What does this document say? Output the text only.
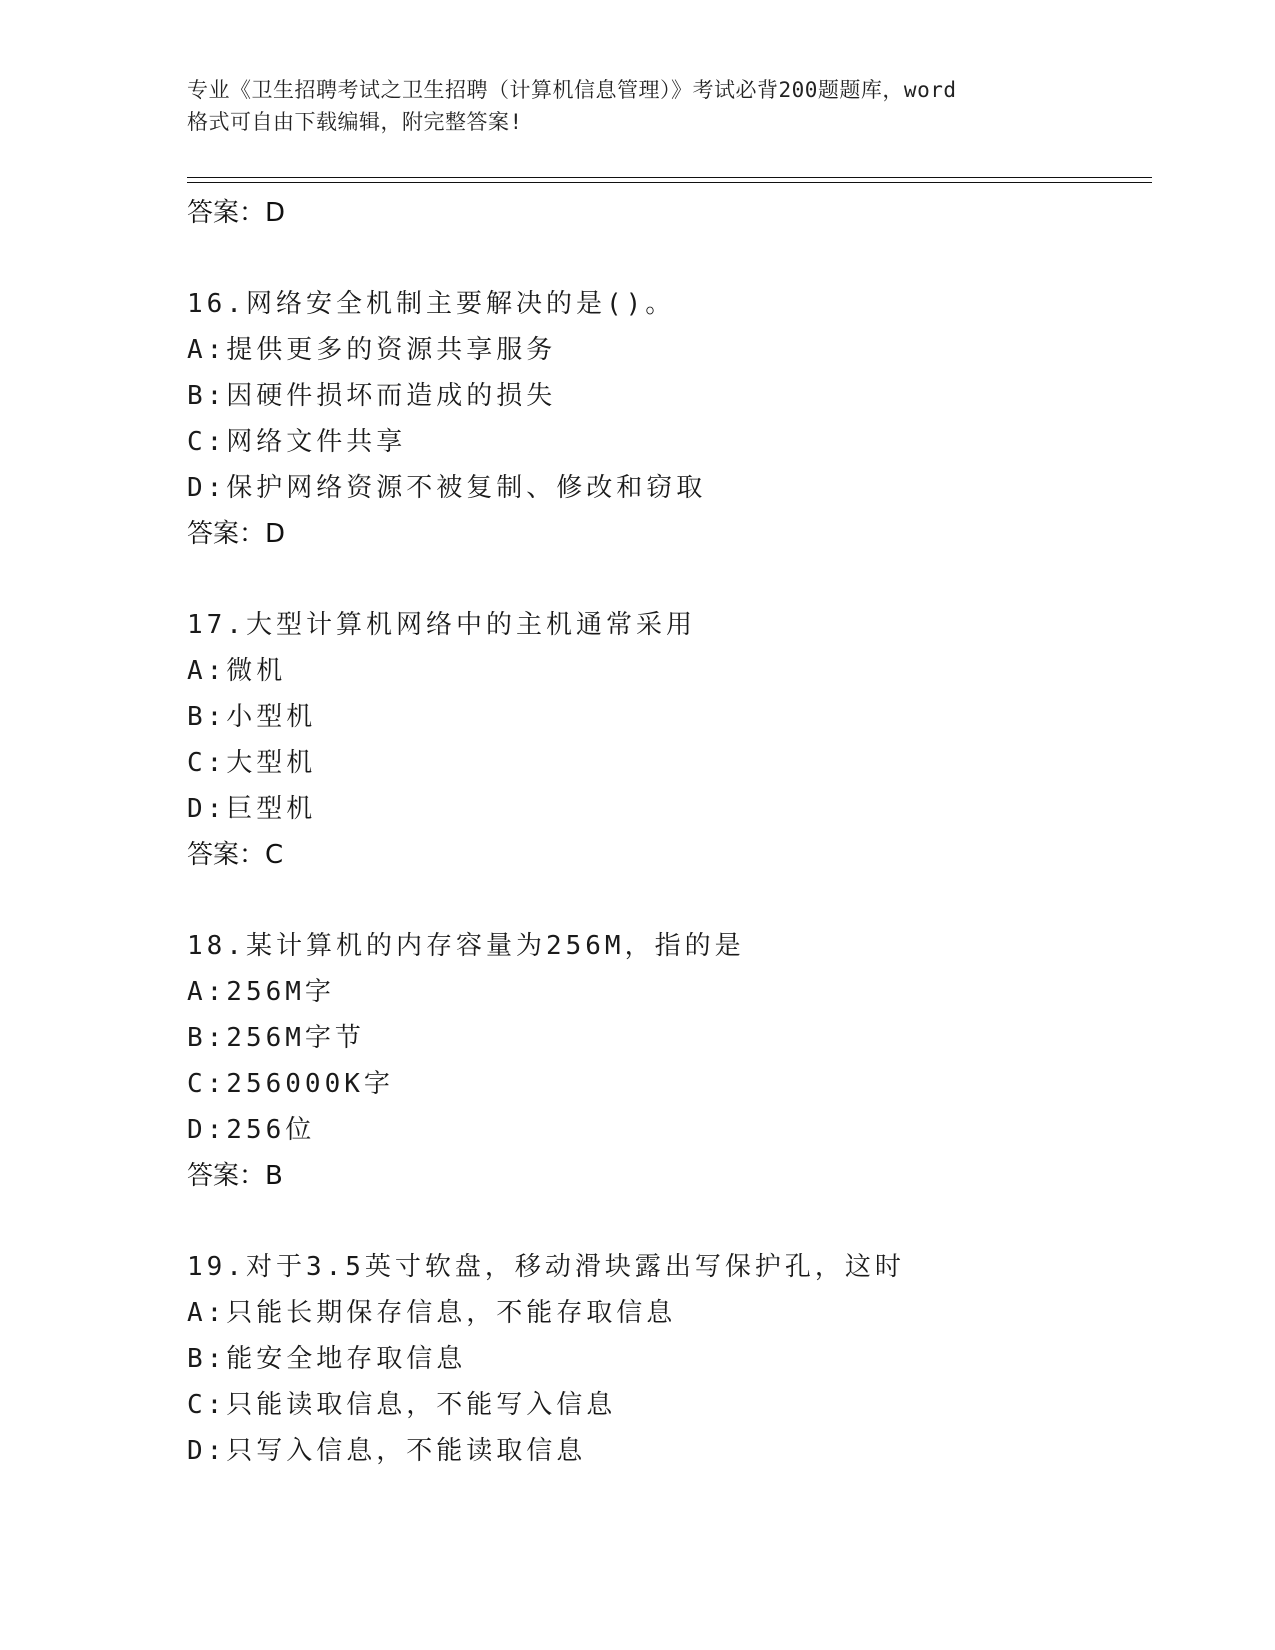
专业《卫生招聘考试之卫生招聘（计算机信息管理）》考试必背200题题库，word
格式可自由下载编辑，附完整答案!
答案：D
16.网络安全机制主要解决的是()。
A:提供更多的资源共享服务
B:因硬件损坏而造成的损失
C:网络文件共享
D:保护网络资源不被复制、修改和窃取
答案：D
17.大型计算机网络中的主机通常采用
A:微机
B:小型机
C:大型机
D:巨型机
答案：C
18.某计算机的内存容量为256M，指的是
A:256M字
B:256M字节
C:256000K字
D:256位
答案：B
19.对于3.5英寸软盘，移动滑块露出写保护孔，这时
A:只能长期保存信息，不能存取信息
B:能安全地存取信息
C:只能读取信息，不能写入信息
D:只写入信息，不能读取信息
